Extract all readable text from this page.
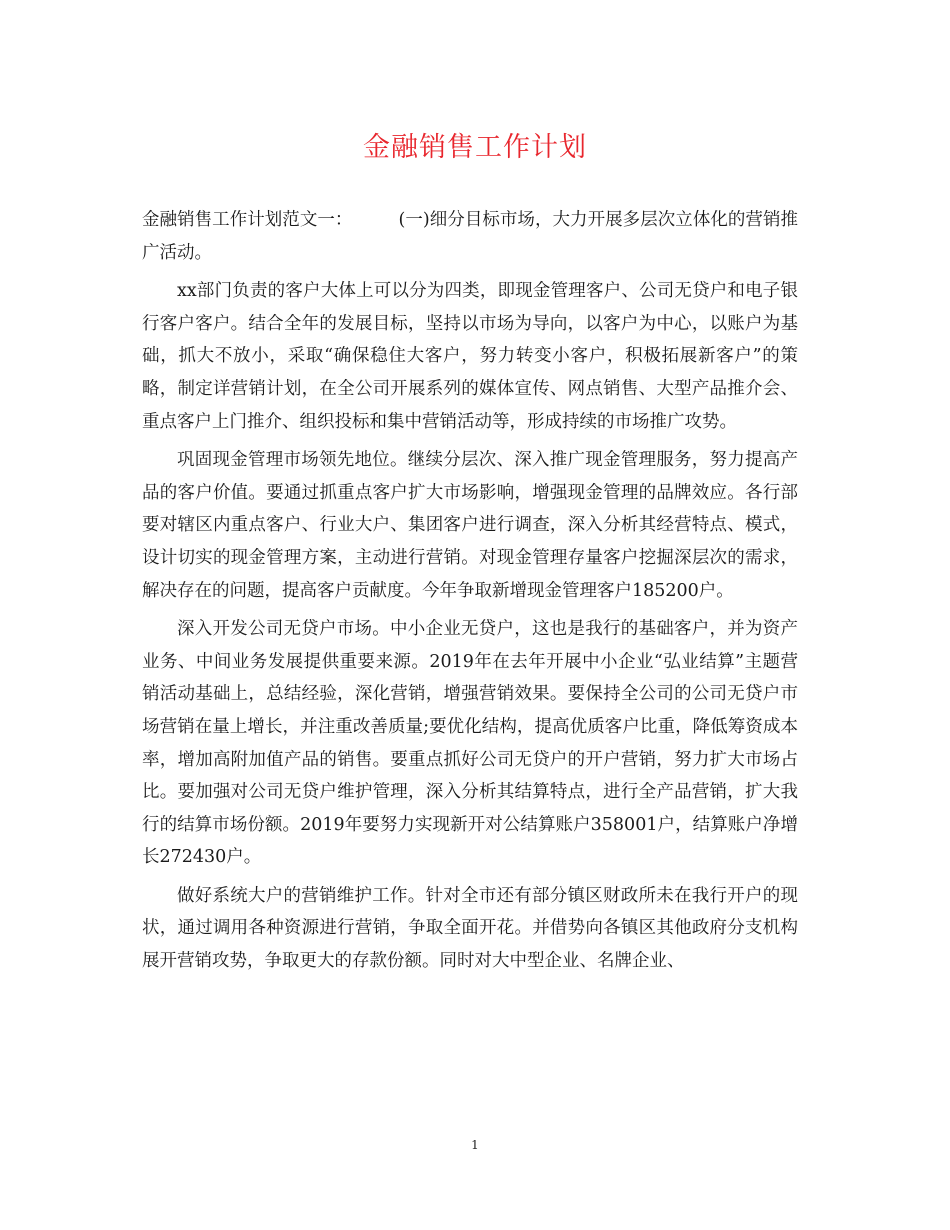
金融销售工作计划

金融销售工作计划范文一：	(一)细分目标市场，大力开展多层次立体化的营销推广活动。

xx部门负责的客户大体上可以分为四类，即现金管理客户、公司无贷户和电子银行客户客户。结合全年的发展目标，坚持以市场为导向，以客户为中心，以账户为基础，抓大不放小，采取“确保稳住大客户，努力转变小客户，积极拓展新客户”的策略，制定详营销计划，在全公司开展系列的媒体宣传、网点销售、大型产品推介会、重点客户上门推介、组织投标和集中营销活动等，形成持续的市场推广攻势。

巩固现金管理市场领先地位。继续分层次、深入推广现金管理服务，努力提高产品的客户价值。要通过抓重点客户扩大市场影响，增强现金管理的品牌效应。各行部要对辖区内重点客户、行业大户、集团客户进行调查，深入分析其经营特点、模式，设计切实的现金管理方案，主动进行营销。对现金管理存量客户挖掘深层次的需求，解决存在的问题，提高客户贡献度。今年争取新增现金管理客户185200户。

深入开发公司无贷户市场。中小企业无贷户，这也是我行的基础客户，并为资产业务、中间业务发展提供重要来源。2019年在去年开展中小企业“弘业结算”主题营销活动基础上，总结经验，深化营销，增强营销效果。要保持全公司的公司无贷户市场营销在量上增长，并注重改善质量;要优化结构，提高优质客户比重，降低筹资成本率，增加高附加值产品的销售。要重点抓好公司无贷户的开户营销，努力扩大市场占比。要加强对公司无贷户维护管理，深入分析其结算特点，进行全产品营销，扩大我行的结算市场份额。2019年要努力实现新开对公结算账户358001户，结算账户净增长272430户。

做好系统大户的营销维护工作。针对全市还有部分镇区财政所未在我行开户的现状，通过调用各种资源进行营销，争取全面开花。并借势向各镇区其他政府分支机构展开营销攻势，争取更大的存款份额。同时对大中型企业、名牌企业、

1
